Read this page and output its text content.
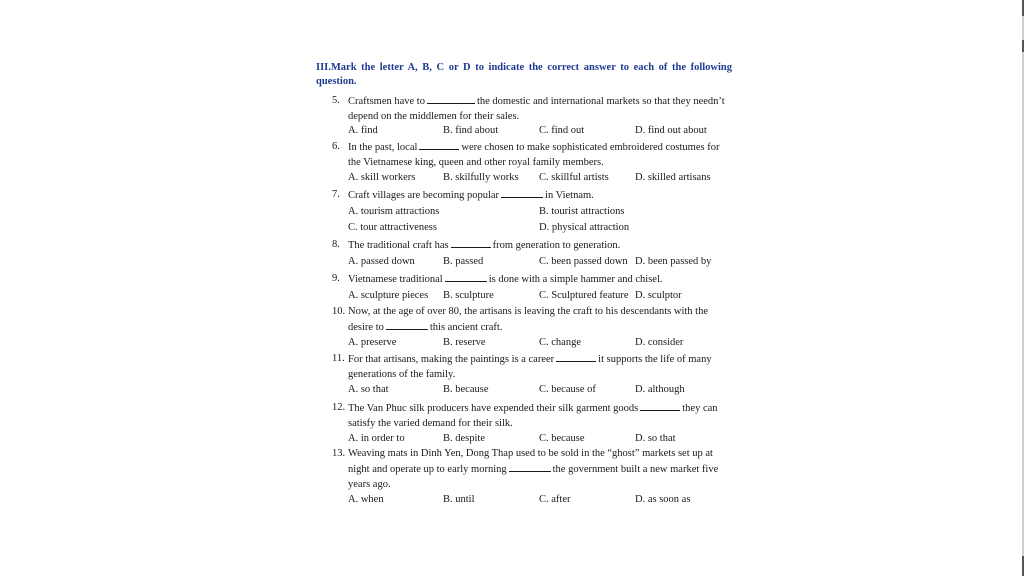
III.Mark the letter A, B, C or D to indicate the correct answer to each of the following question.
5. Craftsmen have to	the domestic and international markets so that they needn’t
depend on the middlemen for their sales.
A. find	B. find about	C. find out	D. find out about
6. In the past, local	were chosen to make sophisticated embroidered costumes for
the Vietnamese king, queen and other royal family members.
A. skill workers	B. skilfully works C. skillful artists	D. skilled artisans
7. Craft villages are becoming popular	in Vietnam.
A. tourism attractions	B. tourist attractions
C. tour attractiveness	D. physical attraction
8. The traditional craft has	from generation to generation.
A. passed down	B. passed	C. been passed down D. been passed by
9. Vietnamese traditional	is done with a simple hammer and chisel.
A. sculpture pieces B. sculpture	C. Sculptured feature D. sculptor
10. Now, at the age of over 80, the artisans is leaving the craft to his descendants with the
desire to	this ancient craft.
A. preserve	B. reserve	C. change	D. consider
11. For that artisans, making the paintings is a career	it supports the life of many
generations of the family.
A. so that	B. because	C. because of	D. although
12. The Van Phuc silk producers have expended their silk garment goods	they can
satisfy the varied demand for their silk.
A. in order to	B. despite	C. because	D. so that
13. Weaving mats in Dinh Yen, Dong Thap used to be sold in the “ghost” markets set up at
night and operate up to early morning	the government built a new market five
years ago.
A. when	B. until	C. after	D. as soon as
